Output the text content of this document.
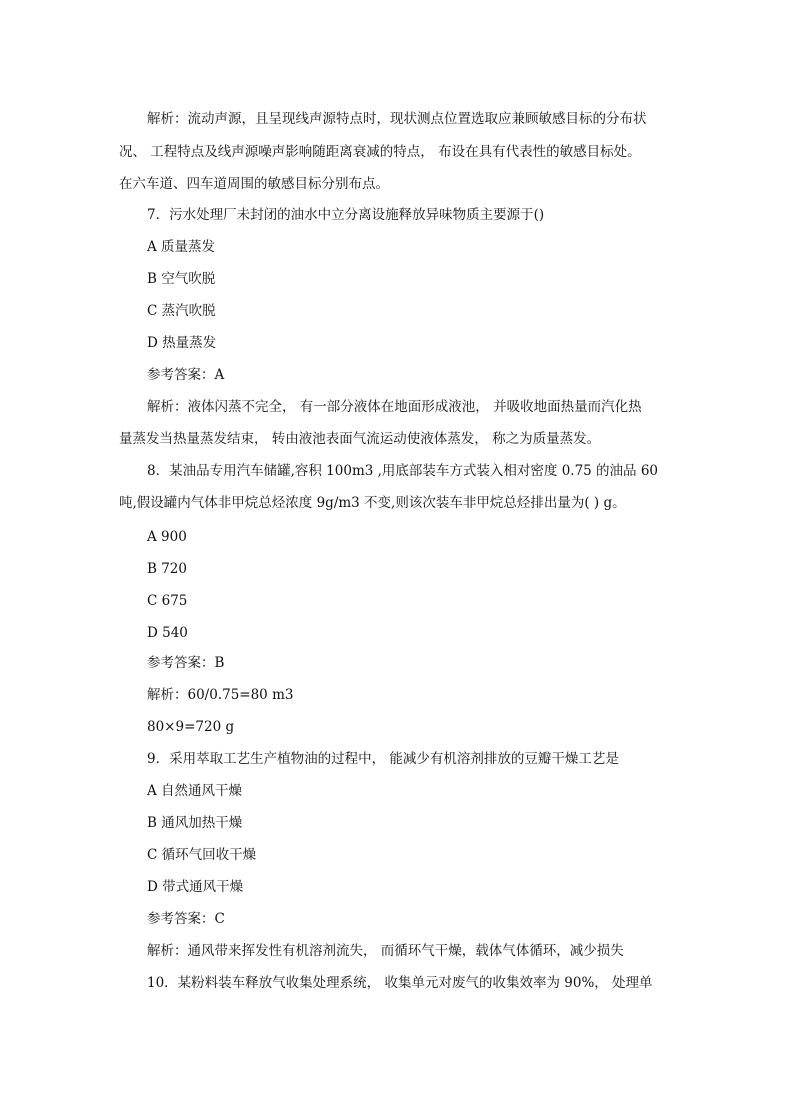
解析：流动声源，且呈现线声源特点时，现状测点位置选取应兼顾敏感目标的分布状
况、 工程特点及线声源噪声影响随距离衰减的特点， 布设在具有代表性的敏感目标处。
在六车道、四车道周围的敏感目标分别布点。
7．污水处理厂未封闭的油水中立分离设施释放异味物质主要源于()
A 质量蒸发
B 空气吹脱
C 蒸汽吹脱
D 热量蒸发
参考答案：A
解析：液体闪蒸不完全， 有一部分液体在地面形成液池， 并吸收地面热量而汽化热
量蒸发当热量蒸发结束， 转由液池表面气流运动使液体蒸发， 称之为质量蒸发。
8．某油品专用汽车储罐,容积 100m3 ,用底部装车方式装入相对密度 0.75 的油品 60
吨,假设罐内气体非甲烷总烃浓度 9g/m3 不变,则该次装车非甲烷总烃排出量为( ) g。
A 900
B 720
C 675
D 540
参考答案：B
解析：60/0.75=80 m3
80×9=720 g
9．采用萃取工艺生产植物油的过程中， 能减少有机溶剂排放的豆瓣干燥工艺是
A 自然通风干燥
B 通风加热干燥
C 循环气回收干燥
D 带式通风干燥
参考答案：C
解析：通风带来挥发性有机溶剂流失， 而循环气干燥，载体气体循环，减少损失
10．某粉料装车释放气收集处理系统， 收集单元对废气的收集效率为 90%， 处理单
